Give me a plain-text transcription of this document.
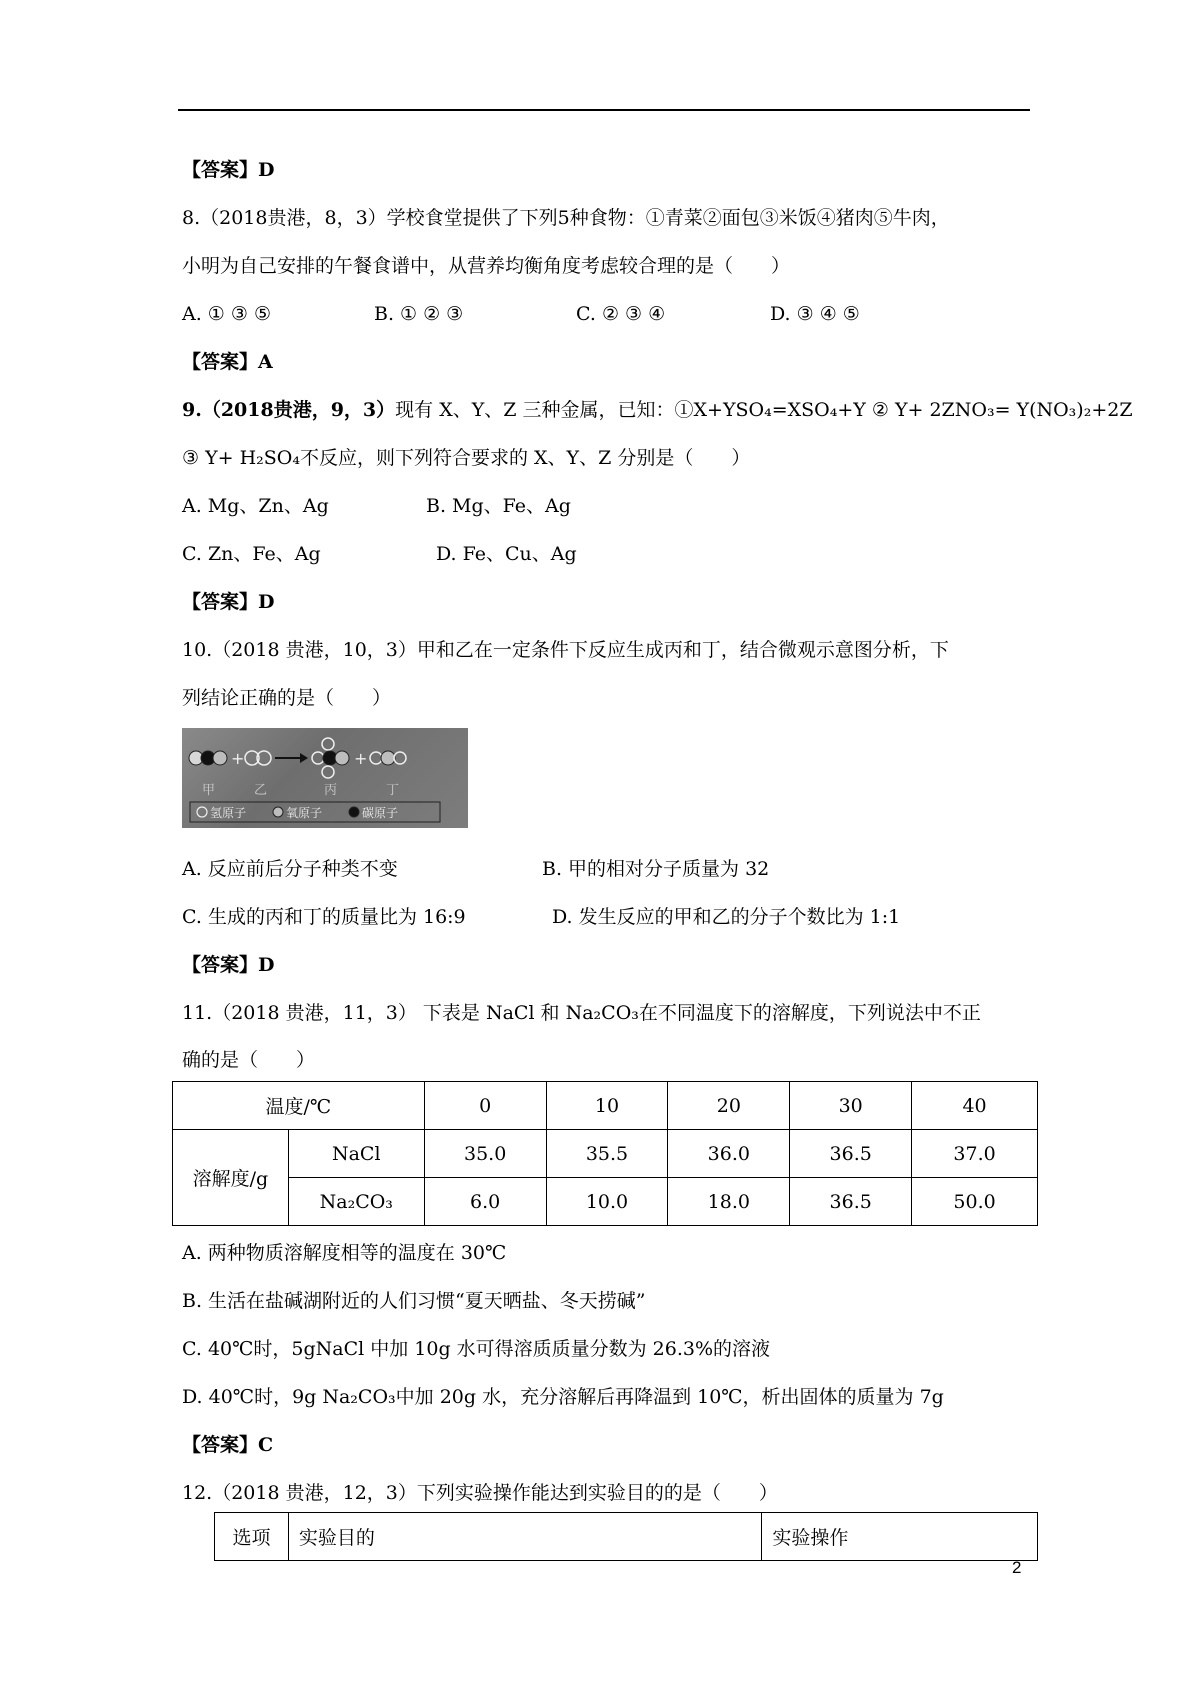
【答案】D
8.（2018贵港，8，3）学校食堂提供了下列5种食物：①青菜②面包③米饭④猪肉⑤牛肉，
小明为自己安排的午餐食谱中，从营养均衡角度考虑较合理的是（　　）
A. ① ③ ⑤	B. ① ② ③	C. ② ③ ④	D. ③ ④ ⑤
【答案】A
9.（2018贵港，9，3）现有 X、Y、Z 三种金属，已知：①X+YSO₄=XSO₄+Y ② Y+ 2ZNO₃= Y(NO₃)₂+2Z
③ Y+ H₂SO₄不反应，则下列符合要求的 X、Y、Z 分别是（　　）
A. Mg、Zn、Ag	B. Mg、Fe、Ag
C. Zn、Fe、Ag	D. Fe、Cu、Ag
【答案】D
10.（2018 贵港，10，3）甲和乙在一定条件下反应生成丙和丁，结合微观示意图分析，下
列结论正确的是（　　）
+	+
甲	乙	丙	丁
氢原子	氧原子	碳原子
A. 反应前后分子种类不变	B. 甲的相对分子质量为 32
C. 生成的丙和丁的质量比为 16:9	D. 发生反应的甲和乙的分子个数比为 1:1
【答案】D
11.（2018 贵港，11，3） 下表是 NaCl 和 Na₂CO₃在不同温度下的溶解度，下列说法中不正
确的是（　　）
温度/℃		0	10	20	30	40
溶解度/g	NaCl	35.0	35.5	36.0	36.5	37.0
	Na₂CO₃	6.0	10.0	18.0	36.5	50.0
A. 两种物质溶解度相等的温度在 30℃
B. 生活在盐碱湖附近的人们习惯“夏天晒盐、冬天捞碱”
C. 40℃时，5gNaCl 中加 10g 水可得溶质质量分数为 26.3%的溶液
D. 40℃时，9g Na₂CO₃中加 20g 水，充分溶解后再降温到 10℃，析出固体的质量为 7g
【答案】C
12.（2018 贵港，12，3）下列实验操作能达到实验目的的是（　　）
选项	实验目的	实验操作
2
